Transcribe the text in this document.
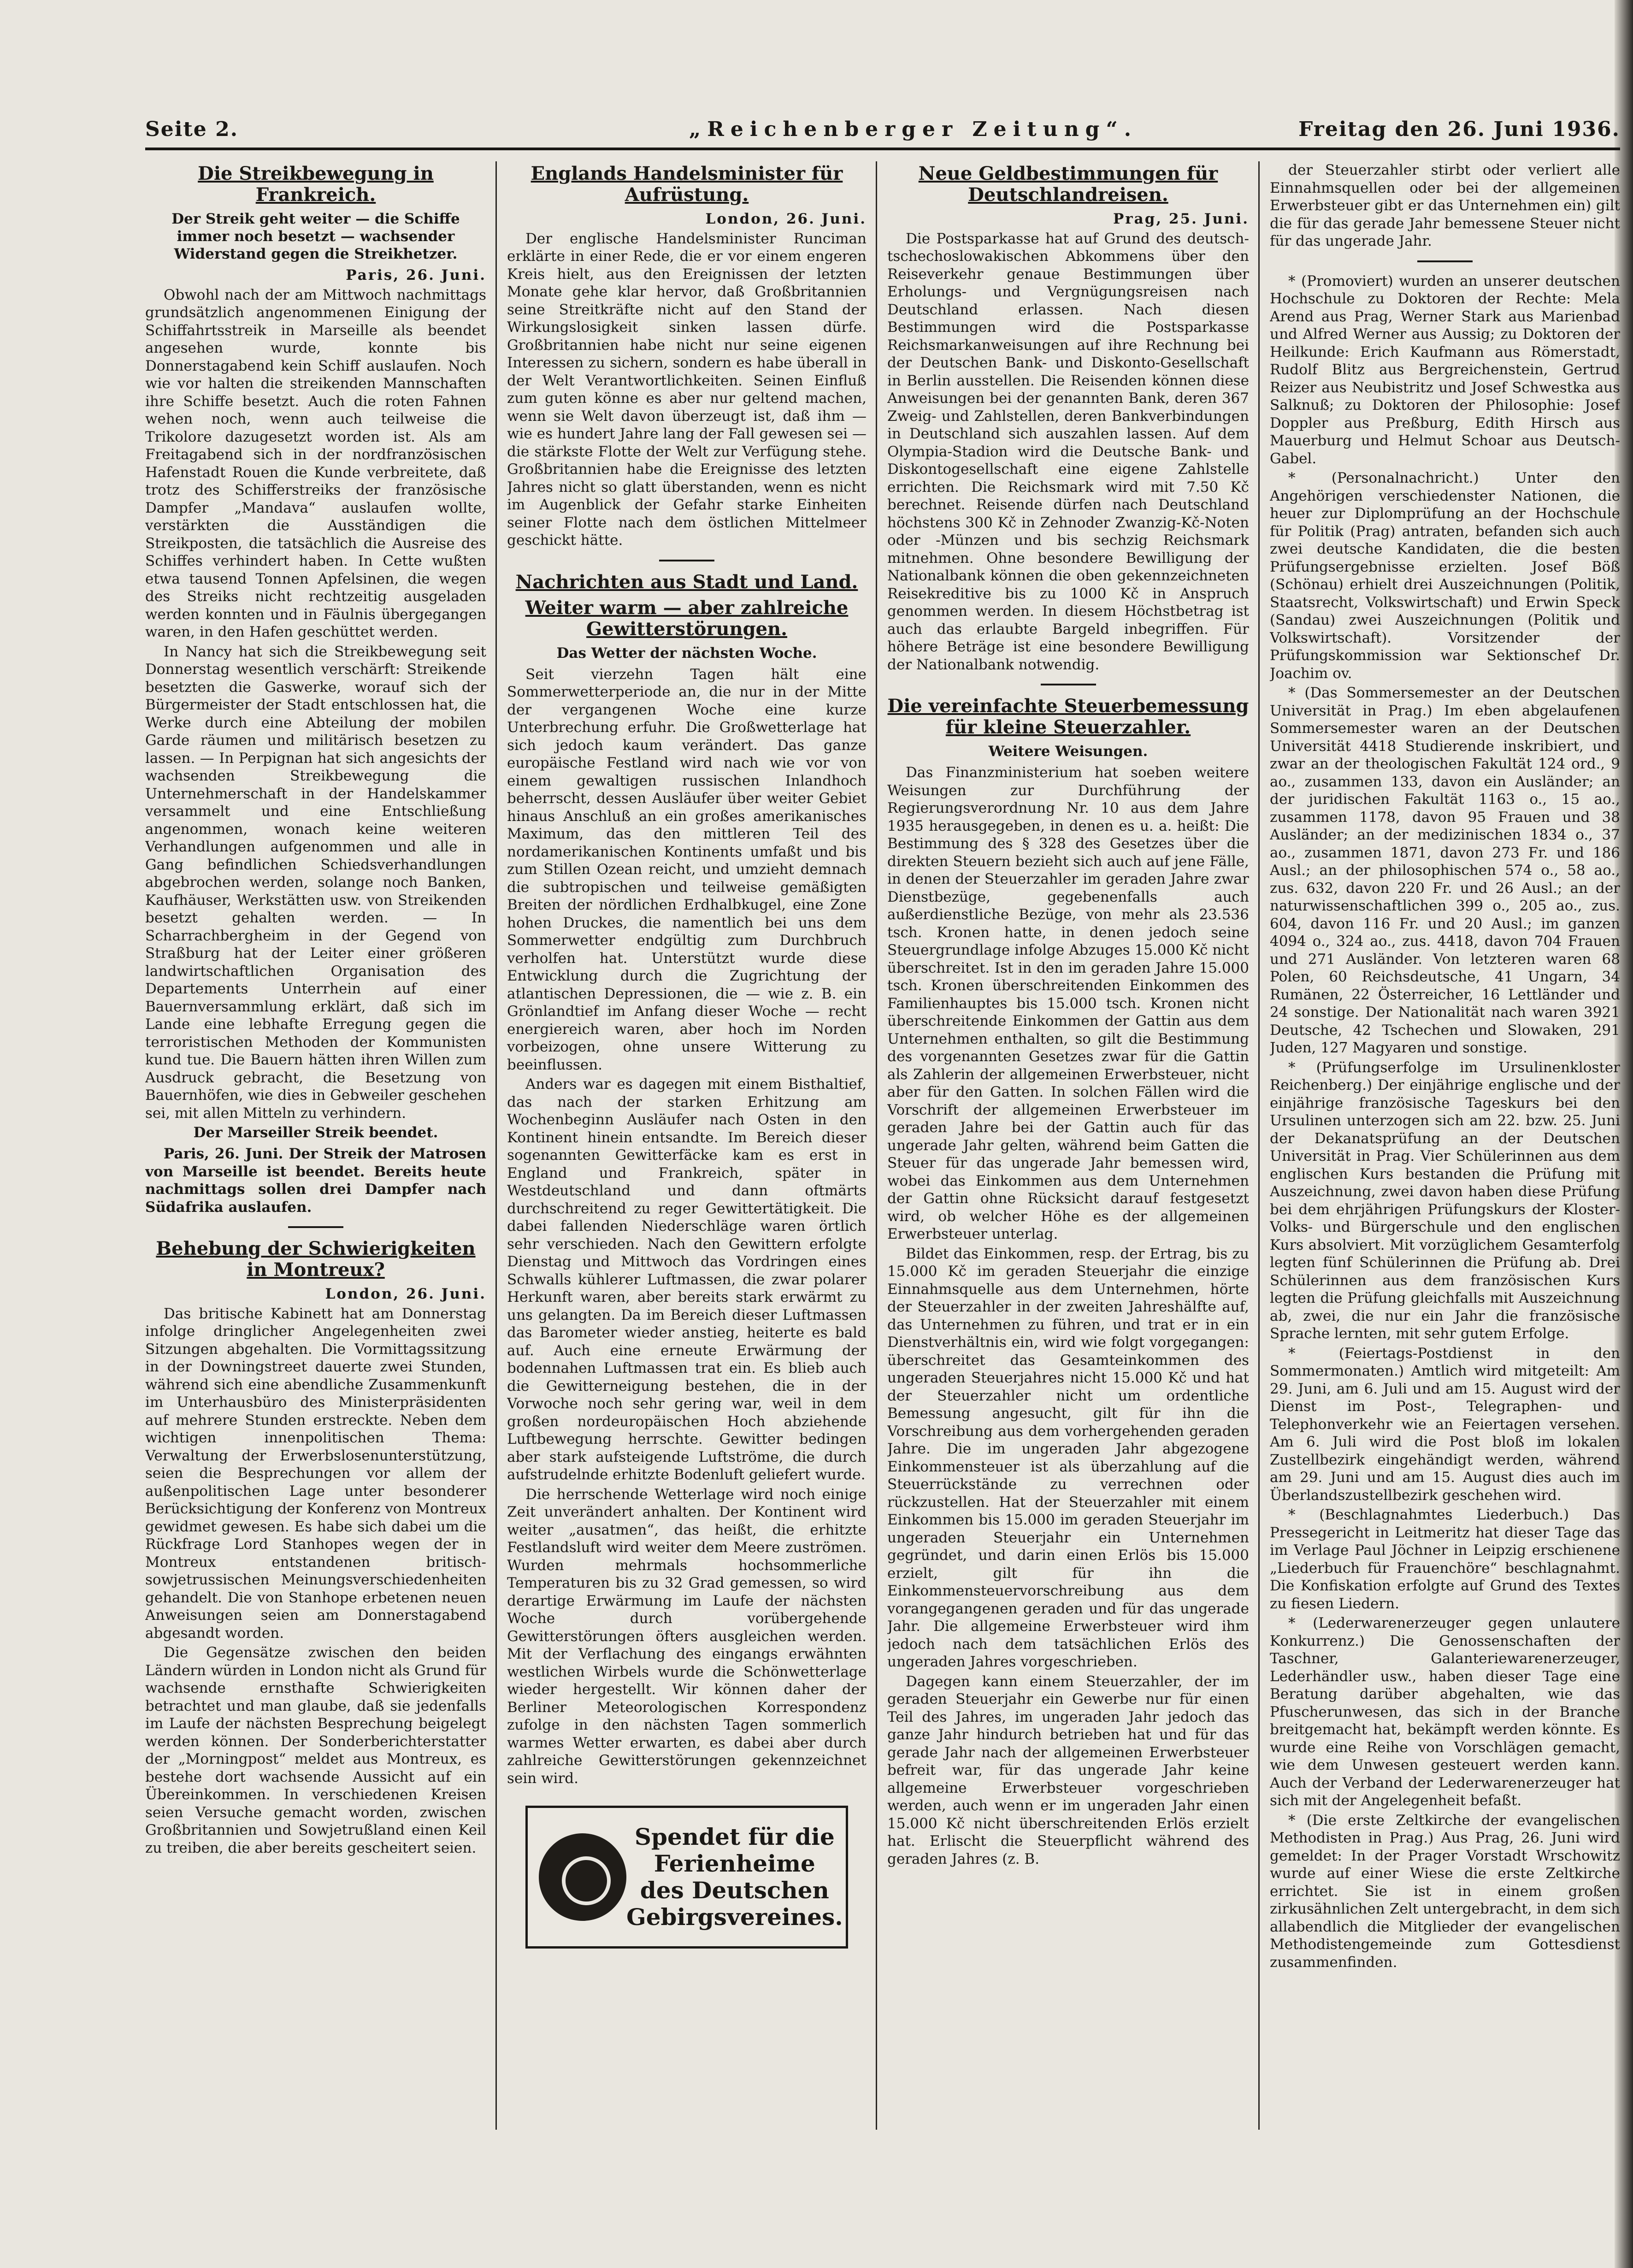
Seite 2.	„Reichenberger Zeitung“.	Freitag den 26. Juni 1936.
Die Streikbewegung in Frankreich.
Der Streik geht weiter — die Schiffe immer noch besetzt — wachsender Widerstand gegen die Streikhetzer.
Paris, 26. Juni.

Obwohl nach der am Mittwoch nachmittags grundsätzlich angenommenen Einigung der Schiffahrtsstreik in Marseille als beendet angesehen wurde, konnte bis Donnerstagabend kein Schiff auslaufen. Noch wie vor halten die streikenden Mannschaften ihre Schiffe besetzt. Auch die roten Fahnen wehen noch, wenn auch teilweise die Trikolore dazugesetzt worden ist. Als am Freitagabend sich in der nordfranzösischen Hafenstadt Rouen die Kunde verbreitete, daß trotz des Schifferstreiks der französische Dampfer „Mandava“ auslaufen wollte, verstärkten die Ausständigen die Streikposten, die tatsächlich die Ausreise des Schiffes verhindert haben. In Cette wußten etwa tausend Tonnen Apfelsinen, die wegen des Streiks nicht rechtzeitig ausgeladen werden konnten und in Fäulnis übergegangen waren, in den Hafen geschüttet werden.

In Nancy hat sich die Streikbewegung seit Donnerstag wesentlich verschärft: Streikende besetzten die Gaswerke, worauf sich der Bürgermeister der Stadt entschlossen hat, die Werke durch eine Abteilung der mobilen Garde räumen und militärisch besetzen zu lassen. — In Perpignan hat sich angesichts der wachsenden Streikbewegung die Unternehmerschaft in der Handelskammer versammelt und eine Entschließung angenommen, wonach keine weiteren Verhandlungen aufgenommen und alle in Gang befindlichen Schiedsverhandlungen abgebrochen werden, solange noch Banken, Kaufhäuser, Werkstätten usw. von Streikenden besetzt gehalten werden. — In Scharrachbergheim in der Gegend von Straßburg hat der Leiter einer größeren landwirtschaftlichen Organisation des Departements Unterrhein auf einer Bauernversammlung erklärt, daß sich im Lande eine lebhafte Erregung gegen die terroristischen Methoden der Kommunisten kund tue. Die Bauern hätten ihren Willen zum Ausdruck gebracht, die Besetzung von Bauernhöfen, wie dies in Gebweiler geschehen sei, mit allen Mitteln zu verhindern.

Der Marseiller Streik beendet.

Paris, 26. Juni. Der Streik der Matrosen von Marseille ist beendet. Bereits heute nachmittags sollen drei Dampfer nach Südafrika auslaufen.

Behebung der Schwierigkeiten in Montreux?
London, 26. Juni.

Das britische Kabinett hat am Donnerstag infolge dringlicher Angelegenheiten zwei Sitzungen abgehalten. Die Vormittagssitzung in der Downingstreet dauerte zwei Stunden, während sich eine abendliche Zusammenkunft im Unterhausbüro des Ministerpräsidenten auf mehrere Stunden erstreckte. Neben dem wichtigen innenpolitischen Thema: Verwaltung der Erwerbslosenunterstützung, seien die Besprechungen vor allem der außenpolitischen Lage unter besonderer Berücksichtigung der Konferenz von Montreux gewidmet gewesen. Es habe sich dabei um die Rückfrage Lord Stanhopes wegen der in Montreux entstandenen britisch-sowjetrussischen Meinungsverschiedenheiten gehandelt. Die von Stanhope erbetenen neuen Anweisungen seien am Donnerstagabend abgesandt worden.

Die Gegensätze zwischen den beiden Ländern würden in London nicht als Grund für wachsende ernsthafte Schwierigkeiten betrachtet und man glaube, daß sie jedenfalls im Laufe der nächsten Besprechung beigelegt werden können. Der Sonderberichterstatter der „Morningpost“ meldet aus Montreux, es bestehe dort wachsende Aussicht auf ein Übereinkommen. In verschiedenen Kreisen seien Versuche gemacht worden, zwischen Großbritannien und Sowjetrußland einen Keil zu treiben, die aber bereits gescheitert seien.

Englands Handelsminister für Aufrüstung.
London, 26. Juni.

Der englische Handelsminister Runciman erklärte in einer Rede, die er vor einem engeren Kreis hielt, aus den Ereignissen der letzten Monate gehe klar hervor, daß Großbritannien seine Streitkräfte nicht auf den Stand der Wirkungslosigkeit sinken lassen dürfe. Großbritannien habe nicht nur seine eigenen Interessen zu sichern, sondern es habe überall in der Welt Verantwortlichkeiten. Seinen Einfluß zum guten könne es aber nur geltend machen, wenn sie Welt davon überzeugt ist, daß ihm — wie es hundert Jahre lang der Fall gewesen sei — die stärkste Flotte der Welt zur Verfügung stehe. Großbritannien habe die Ereignisse des letzten Jahres nicht so glatt überstanden, wenn es nicht im Augenblick der Gefahr starke Einheiten seiner Flotte nach dem östlichen Mittelmeer geschickt hätte.

Nachrichten aus Stadt und Land.
Weiter warm — aber zahlreiche Gewitterstörungen.
Das Wetter der nächsten Woche.

Seit vierzehn Tagen hält eine Sommerwetterperiode an, die nur in der Mitte der vergangenen Woche eine kurze Unterbrechung erfuhr. Die Großwetterlage hat sich jedoch kaum verändert. Das ganze europäische Festland wird nach wie vor von einem gewaltigen russischen Inlandhoch beherrscht, dessen Ausläufer über weiter Gebiet hinaus Anschluß an ein großes amerikanisches Maximum, das den mittleren Teil des nordamerikanischen Kontinents umfaßt und bis zum Stillen Ozean reicht, und umzieht demnach die subtropischen und teilweise gemäßigten Breiten der nördlichen Erdhalbkugel, eine Zone hohen Druckes, die namentlich bei uns dem Sommerwetter endgültig zum Durchbruch verholfen hat. Unterstützt wurde diese Entwicklung durch die Zugrichtung der atlantischen Depressionen, die — wie z. B. ein Grönlandtief im Anfang dieser Woche — recht energiereich waren, aber hoch im Norden vorbeizogen, ohne unsere Witterung zu beeinflussen.

Anders war es dagegen mit einem Bisthaltief, das nach der starken Erhitzung am Wochenbeginn Ausläufer nach Osten in den Kontinent hinein entsandte. Im Bereich dieser sogenannten Gewitterfäcke kam es erst in England und Frankreich, später in Westdeutschland und dann oftmärts durchschreitend zu reger Gewittertätigkeit. Die dabei fallenden Niederschläge waren örtlich sehr verschieden. Nach den Gewittern erfolgte Dienstag und Mittwoch das Vordringen eines Schwalls kühlerer Luftmassen, die zwar polarer Herkunft waren, aber bereits stark erwärmt zu uns gelangten. Da im Bereich dieser Luftmassen das Barometer wieder anstieg, heiterte es bald auf. Auch eine erneute Erwärmung der bodennahen Luftmassen trat ein. Es blieb auch die Gewitterneigung bestehen, die in der Vorwoche noch sehr gering war, weil in dem großen nordeuropäischen Hoch abziehende Luftbewegung herrschte. Gewitter bedingen aber stark aufsteigende Luftströme, die durch aufstrudelnde erhitzte Bodenluft geliefert wurde.

Die herrschende Wetterlage wird noch einige Zeit unverändert anhalten. Der Kontinent wird weiter „ausatmen“, das heißt, die erhitzte Festlandsluft wird weiter dem Meere zuströmen. Wurden mehrmals hochsommerliche Temperaturen bis zu 32 Grad gemessen, so wird derartige Erwärmung im Laufe der nächsten Woche durch vorübergehende Gewitterstörungen öfters ausgleichen werden. Mit der Verflachung des eingangs erwähnten westlichen Wirbels wurde die Schönwetterlage wieder hergestellt. Wir können daher der Berliner Meteorologischen Korrespondenz zufolge in den nächsten Tagen sommerlich warmes Wetter erwarten, es dabei aber durch zahlreiche Gewitterstörungen gekennzeichnet sein wird.

Spendet für die
Ferienheime
des Deutschen
Gebirgsvereines.
Neue Geldbestimmungen für Deutschlandreisen.
Prag, 25. Juni.

Die Postsparkasse hat auf Grund des deutsch-tschechoslowakischen Abkommens über den Reiseverkehr genaue Bestimmungen über Erholungs- und Vergnügungsreisen nach Deutschland erlassen. Nach diesen Bestimmungen wird die Postsparkasse Reichsmarkanweisungen auf ihre Rechnung bei der Deutschen Bank- und Diskonto-Gesellschaft in Berlin ausstellen. Die Reisenden können diese Anweisungen bei der genannten Bank, deren 367 Zweig- und Zahlstellen, deren Bankverbindungen in Deutschland sich auszahlen lassen. Auf dem Olympia-Stadion wird die Deutsche Bank- und Diskontogesellschaft eine eigene Zahlstelle errichten. Die Reichsmark wird mit 7.50 Kč berechnet. Reisende dürfen nach Deutschland höchstens 300 Kč in Zehnoder Zwanzig-Kč-Noten oder -Münzen und bis sechzig Reichsmark mitnehmen. Ohne besondere Bewilligung der Nationalbank können die oben gekennzeichneten Reisekreditive bis zu 1000 Kč in Anspruch genommen werden. In diesem Höchstbetrag ist auch das erlaubte Bargeld inbegriffen. Für höhere Beträge ist eine besondere Bewilligung der Nationalbank notwendig.

Die vereinfachte Steuerbemessung für kleine Steuerzahler.
Weitere Weisungen.

Das Finanzministerium hat soeben weitere Weisungen zur Durchführung der Regierungsverordnung Nr. 10 aus dem Jahre 1935 herausgegeben, in denen es u. a. heißt: Die Bestimmung des § 328 des Gesetzes über die direkten Steuern bezieht sich auch auf jene Fälle, in denen der Steuerzahler im geraden Jahre zwar Dienstbezüge, gegebenenfalls auch außerdienstliche Bezüge, von mehr als 23.536 tsch. Kronen hatte, in denen jedoch seine Steuergrundlage infolge Abzuges 15.000 Kč nicht überschreitet. Ist in den im geraden Jahre 15.000 tsch. Kronen überschreitenden Einkommen des Familienhauptes bis 15.000 tsch. Kronen nicht überschreitende Einkommen der Gattin aus dem Unternehmen enthalten, so gilt die Bestimmung des vorgenannten Gesetzes zwar für die Gattin als Zahlerin der allgemeinen Erwerbsteuer, nicht aber für den Gatten. In solchen Fällen wird die Vorschrift der allgemeinen Erwerbsteuer im geraden Jahre bei der Gattin auch für das ungerade Jahr gelten, während beim Gatten die Steuer für das ungerade Jahr bemessen wird, wobei das Einkommen aus dem Unternehmen der Gattin ohne Rücksicht darauf festgesetzt wird, ob welcher Höhe es der allgemeinen Erwerbsteuer unterlag.

Bildet das Einkommen, resp. der Ertrag, bis zu 15.000 Kč im geraden Steuerjahr die einzige Einnahmsquelle aus dem Unternehmen, hörte der Steuerzahler in der zweiten Jahreshälfte auf, das Unternehmen zu führen, und trat er in ein Dienstverhältnis ein, wird wie folgt vorgegangen: überschreitet das Gesamteinkommen des ungeraden Steuerjahres nicht 15.000 Kč und hat der Steuerzahler nicht um ordentliche Bemessung angesucht, gilt für ihn die Vorschreibung aus dem vorhergehenden geraden Jahre. Die im ungeraden Jahr abgezogene Einkommensteuer ist als überzahlung auf die Steuerrückstände zu verrechnen oder rückzustellen. Hat der Steuerzahler mit einem Einkommen bis 15.000 im geraden Steuerjahr im ungeraden Steuerjahr ein Unternehmen gegründet, und darin einen Erlös bis 15.000 erzielt, gilt für ihn die Einkommensteuervorschreibung aus dem vorangegangenen geraden und für das ungerade Jahr. Die allgemeine Erwerbsteuer wird ihm jedoch nach dem tatsächlichen Erlös des ungeraden Jahres vorgeschrieben.

Dagegen kann einem Steuerzahler, der im geraden Steuerjahr ein Gewerbe nur für einen Teil des Jahres, im ungeraden Jahr jedoch das ganze Jahr hindurch betrieben hat und für das gerade Jahr nach der allgemeinen Erwerbsteuer befreit war, für das ungerade Jahr keine allgemeine Erwerbsteuer vorgeschrieben werden, auch wenn er im ungeraden Jahr einen 15.000 Kč nicht überschreitenden Erlös erzielt hat. Erlischt die Steuerpflicht während des geraden Jahres (z. B.

der Steuerzahler stirbt oder verliert alle Einnahmsquellen oder bei der allgemeinen Erwerbsteuer gibt er das Unternehmen ein) gilt die für das gerade Jahr bemessene Steuer nicht für das ungerade Jahr.

* (Promoviert) wurden an unserer deutschen Hochschule zu Doktoren der Rechte: Mela Arend aus Prag, Werner Stark aus Marienbad und Alfred Werner aus Aussig; zu Doktoren der Heilkunde: Erich Kaufmann aus Römerstadt, Rudolf Blitz aus Bergreichenstein, Gertrud Reizer aus Neubistritz und Josef Schwestka aus Salknuß; zu Doktoren der Philosophie: Josef Doppler aus Preßburg, Edith Hirsch aus Mauerburg und Helmut Schoar aus Deutsch-Gabel.

* (Personalnachricht.) Unter den Angehörigen verschiedenster Nationen, die heuer zur Diplomprüfung an der Hochschule für Politik (Prag) antraten, befanden sich auch zwei deutsche Kandidaten, die die besten Prüfungsergebnisse erzielten. Josef Böß (Schönau) erhielt drei Auszeichnungen (Politik, Staatsrecht, Volkswirtschaft) und Erwin Speck (Sandau) zwei Auszeichnungen (Politik und Volkswirtschaft). Vorsitzender der Prüfungskommission war Sektionschef Dr. Joachim ov.

* (Das Sommersemester an der Deutschen Universität in Prag.) Im eben abgelaufenen Sommersemester waren an der Deutschen Universität 4418 Studierende inskribiert, und zwar an der theologischen Fakultät 124 ord., 9 ao., zusammen 133, davon ein Ausländer; an der juridischen Fakultät 1163 o., 15 ao., zusammen 1178, davon 95 Frauen und 38 Ausländer; an der medizinischen 1834 o., 37 ao., zusammen 1871, davon 273 Fr. und 186 Ausl.; an der philosophischen 574 o., 58 ao., zus. 632, davon 220 Fr. und 26 Ausl.; an der naturwissenschaftlichen 399 o., 205 ao., zus. 604, davon 116 Fr. und 20 Ausl.; im ganzen 4094 o., 324 ao., zus. 4418, davon 704 Frauen und 271 Ausländer. Von letzteren waren 68 Polen, 60 Reichsdeutsche, 41 Ungarn, 34 Rumänen, 22 Österreicher, 16 Lettländer und 24 sonstige. Der Nationalität nach waren 3921 Deutsche, 42 Tschechen und Slowaken, 291 Juden, 127 Magyaren und sonstige.

* (Prüfungserfolge im Ursulinenkloster Reichenberg.) Der einjährige englische und der einjährige französische Tageskurs bei den Ursulinen unterzogen sich am 22. bzw. 25. Juni der Dekanatsprüfung an der Deutschen Universität in Prag. Vier Schülerinnen aus dem englischen Kurs bestanden die Prüfung mit Auszeichnung, zwei davon haben diese Prüfung bei dem ehrjährigen Prüfungskurs der Kloster-Volks- und Bürgerschule und den englischen Kurs absolviert. Mit vorzüglichem Gesamterfolg legten fünf Schülerinnen die Prüfung ab. Drei Schülerinnen aus dem französischen Kurs legten die Prüfung gleichfalls mit Auszeichnung ab, zwei, die nur ein Jahr die französische Sprache lernten, mit sehr gutem Erfolge.

* (Feiertags-Postdienst in den Sommermonaten.) Amtlich wird mitgeteilt: Am 29. Juni, am 6. Juli und am 15. August wird der Dienst im Post-, Telegraphen- und Telephonverkehr wie an Feiertagen versehen. Am 6. Juli wird die Post bloß im lokalen Zustellbezirk eingehändigt werden, während am 29. Juni und am 15. August dies auch im Überlandszustellbezirk geschehen wird.

* (Beschlagnahmtes Liederbuch.) Das Pressegericht in Leitmeritz hat dieser Tage das im Verlage Paul Jöchner in Leipzig erschienene „Liederbuch für Frauenchöre“ beschlagnahmt. Die Konfiskation erfolgte auf Grund des Textes zu fiesen Liedern.

* (Lederwarenerzeuger gegen unlautere Konkurrenz.) Die Genossenschaften der Taschner, Galanteriewarenerzeuger, Lederhändler usw., haben dieser Tage eine Beratung darüber abgehalten, wie das Pfuscherunwesen, das sich in der Branche breitgemacht hat, bekämpft werden könnte. Es wurde eine Reihe von Vorschlägen gemacht, wie dem Unwesen gesteuert werden kann. Auch der Verband der Lederwarenerzeuger hat sich mit der Angelegenheit befaßt.

* (Die erste Zeltkirche der evangelischen Methodisten in Prag.) Aus Prag, 26. Juni wird gemeldet: In der Prager Vorstadt Wrschowitz wurde auf einer Wiese die erste Zeltkirche errichtet. Sie ist in einem großen zirkusähnlichen Zelt untergebracht, in dem sich allabendlich die Mitglieder der evangelischen Methodistengemeinde zum Gottesdienst zusammenfinden.
